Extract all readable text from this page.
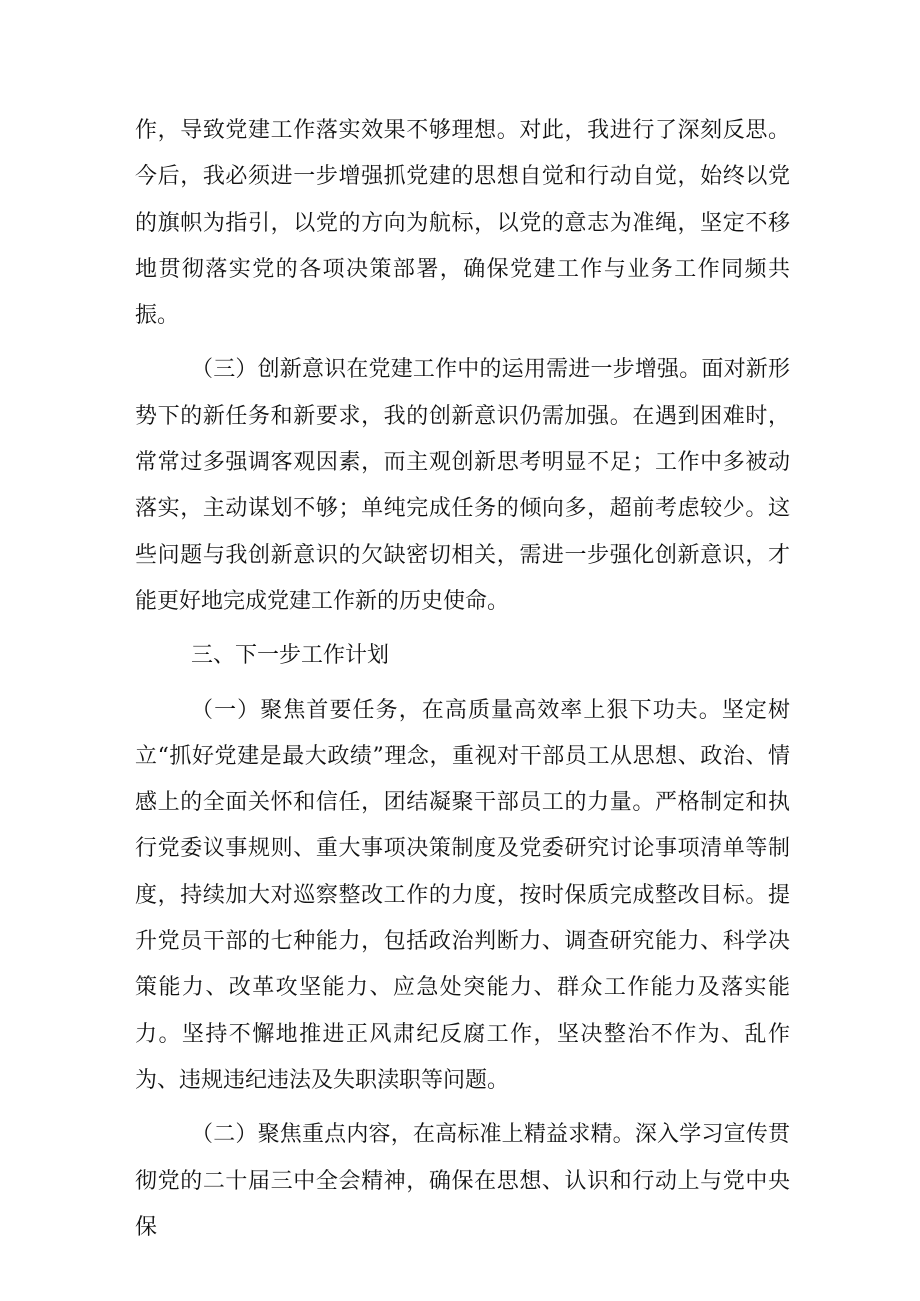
作，导致党建工作落实效果不够理想。对此，我进行了深刻反思。今后，我必须进一步增强抓党建的思想自觉和行动自觉，始终以党的旗帜为指引，以党的方向为航标，以党的意志为准绳，坚定不移地贯彻落实党的各项决策部署，确保党建工作与业务工作同频共振。

（三）创新意识在党建工作中的运用需进一步增强。面对新形势下的新任务和新要求，我的创新意识仍需加强。在遇到困难时，常常过多强调客观因素，而主观创新思考明显不足；工作中多被动落实，主动谋划不够；单纯完成任务的倾向多，超前考虑较少。这些问题与我创新意识的欠缺密切相关，需进一步强化创新意识，才能更好地完成党建工作新的历史使命。

三、下一步工作计划

（一）聚焦首要任务，在高质量高效率上狠下功夫。坚定树立“抓好党建是最大政绩”理念，重视对干部员工从思想、政治、情感上的全面关怀和信任，团结凝聚干部员工的力量。严格制定和执行党委议事规则、重大事项决策制度及党委研究讨论事项清单等制度，持续加大对巡察整改工作的力度，按时保质完成整改目标。提升党员干部的七种能力，包括政治判断力、调查研究能力、科学决策能力、改革攻坚能力、应急处突能力、群众工作能力及落实能力。坚持不懈地推进正风肃纪反腐工作，坚决整治不作为、乱作为、违规违纪违法及失职渎职等问题。

（二）聚焦重点内容，在高标准上精益求精。深入学习宣传贯彻党的二十届三中全会精神，确保在思想、认识和行动上与党中央保
